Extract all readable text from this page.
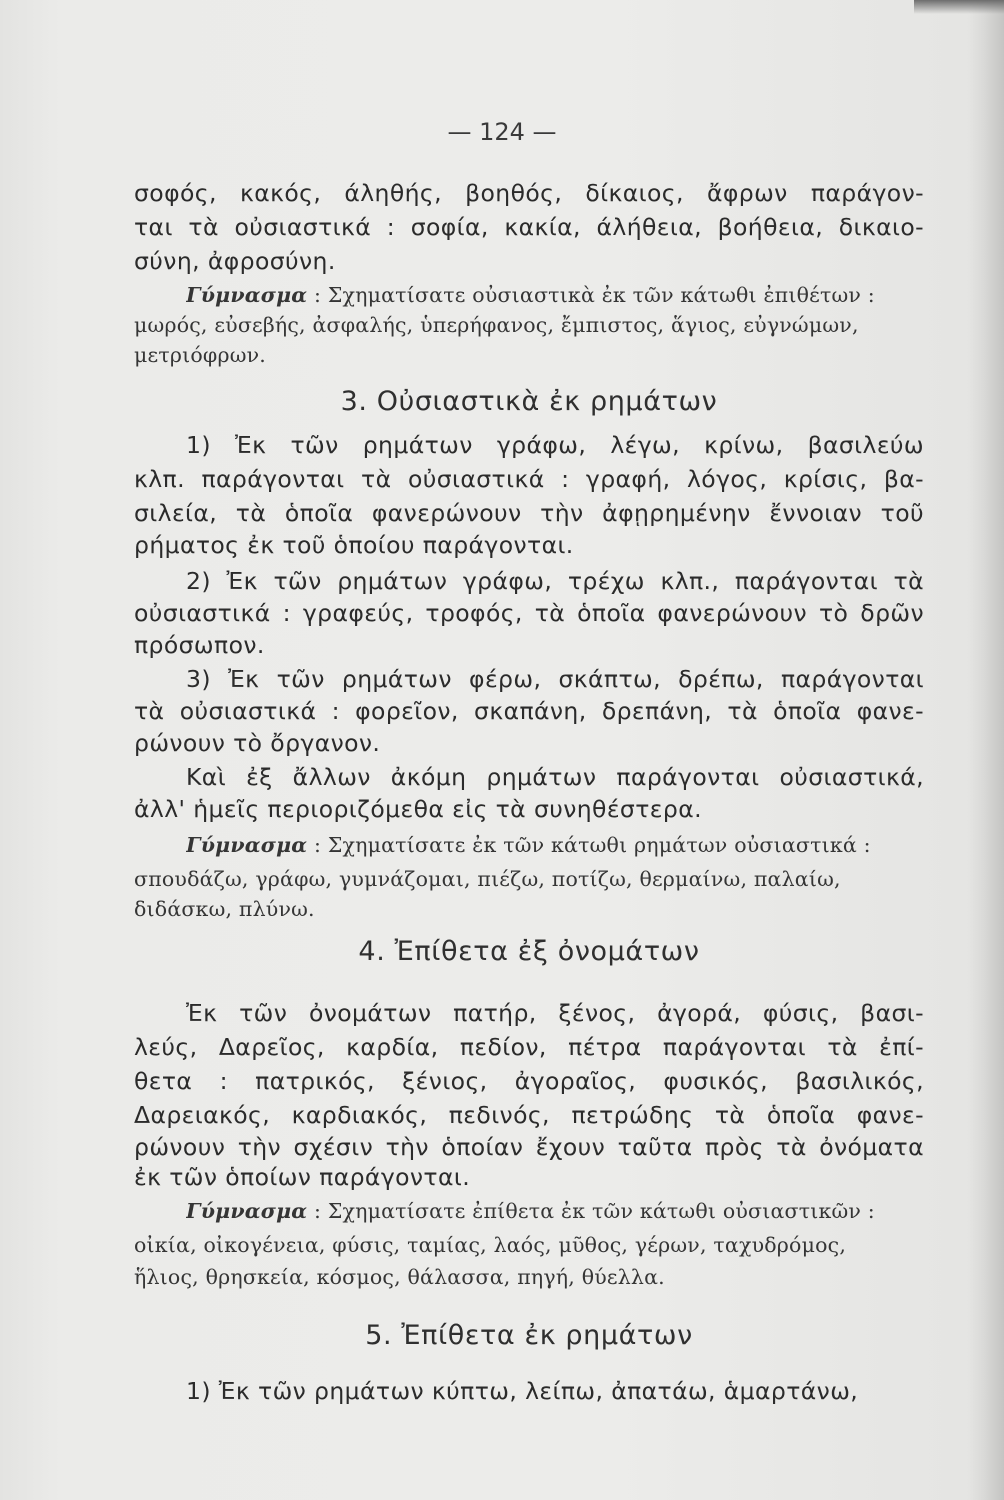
— 124 —
σοφός, κακός, άληθής, βοηθός, δίκαιος, ἄφρων παράγον-
ται τὰ οὐσιαστικά : σοφία, κακία, άλήθεια, βοήθεια, δικαιο-
σύνη, ἀφροσύνη.
Γύμνασμα : Σχηματίσατε οὐσιαστικὰ ἐκ τῶν κάτωθι ἐπιθέτων :
μωρός, εὐσεβής, ἀσφαλής, ὑπερήφανος, ἔμπιστος, ἅγιος, εὐγνώμων,
μετριόφρων.
3. Οὐσιαστικὰ ἐκ ρημάτων
1) Ἐκ τῶν ρημάτων γράφω, λέγω, κρίνω, βασιλεύω
κλπ. παράγονται τὰ οὐσιαστικά : γραφή, λόγος, κρίσις, βα-
σιλεία, τὰ ὁποῖα φανερώνουν τὴν ἀφῃρημένην ἔννοιαν τοῦ
ρήματος ἐκ τοῦ ὁποίου παράγονται.
2) Ἐκ τῶν ρημάτων γράφω, τρέχω κλπ., παράγονται τὰ
οὐσιαστικά : γραφεύς, τροφός, τὰ ὁποῖα φανερώνουν τὸ δρῶν
πρόσωπον.
3) Ἐκ τῶν ρημάτων φέρω, σκάπτω, δρέπω, παράγονται
τὰ οὐσιαστικά : φορεῖον, σκαπάνη, δρεπάνη, τὰ ὁποῖα φανε-
ρώνουν τὸ ὄργανον.
Καὶ ἐξ ἄλλων ἀκόμη ρημάτων παράγονται οὐσιαστικά,
ἀλλ' ἡμεῖς περιοριζόμεθα εἰς τὰ συνηθέστερα.
Γύμνασμα : Σχηματίσατε ἐκ τῶν κάτωθι ρημάτων οὐσιαστικά :
σπουδάζω, γράφω, γυμνάζομαι, πιέζω, ποτίζω, θερμαίνω, παλαίω,
διδάσκω, πλύνω.
4. Ἐπίθετα ἐξ ὀνομάτων
Ἐκ τῶν ὀνομάτων πατήρ, ξένος, ἀγορά, φύσις, βασι-
λεύς, Δαρεῖος, καρδία, πεδίον, πέτρα παράγονται τὰ ἐπί-
θετα : πατρικός, ξένιος, ἀγοραῖος, φυσικός, βασιλικός,
Δαρειακός, καρδιακός, πεδινός, πετρώδης τὰ ὁποῖα φανε-
ρώνουν τὴν σχέσιν τὴν ὁποίαν ἔχουν ταῦτα πρὸς τὰ ὀνόματα
ἐκ τῶν ὁποίων παράγονται.
Γύμνασμα : Σχηματίσατε ἐπίθετα ἐκ τῶν κάτωθι οὐσιαστικῶν :
οἰκία, οἰκογένεια, φύσις, ταμίας, λαός, μῦθος, γέρων, ταχυδρόμος,
ἥλιος, θρησκεία, κόσμος, θάλασσα, πηγή, θύελλα.
5. Ἐπίθετα ἐκ ρημάτων
1) Ἐκ τῶν ρημάτων κύπτω, λείπω, ἀπατάω, ἁμαρτάνω,
